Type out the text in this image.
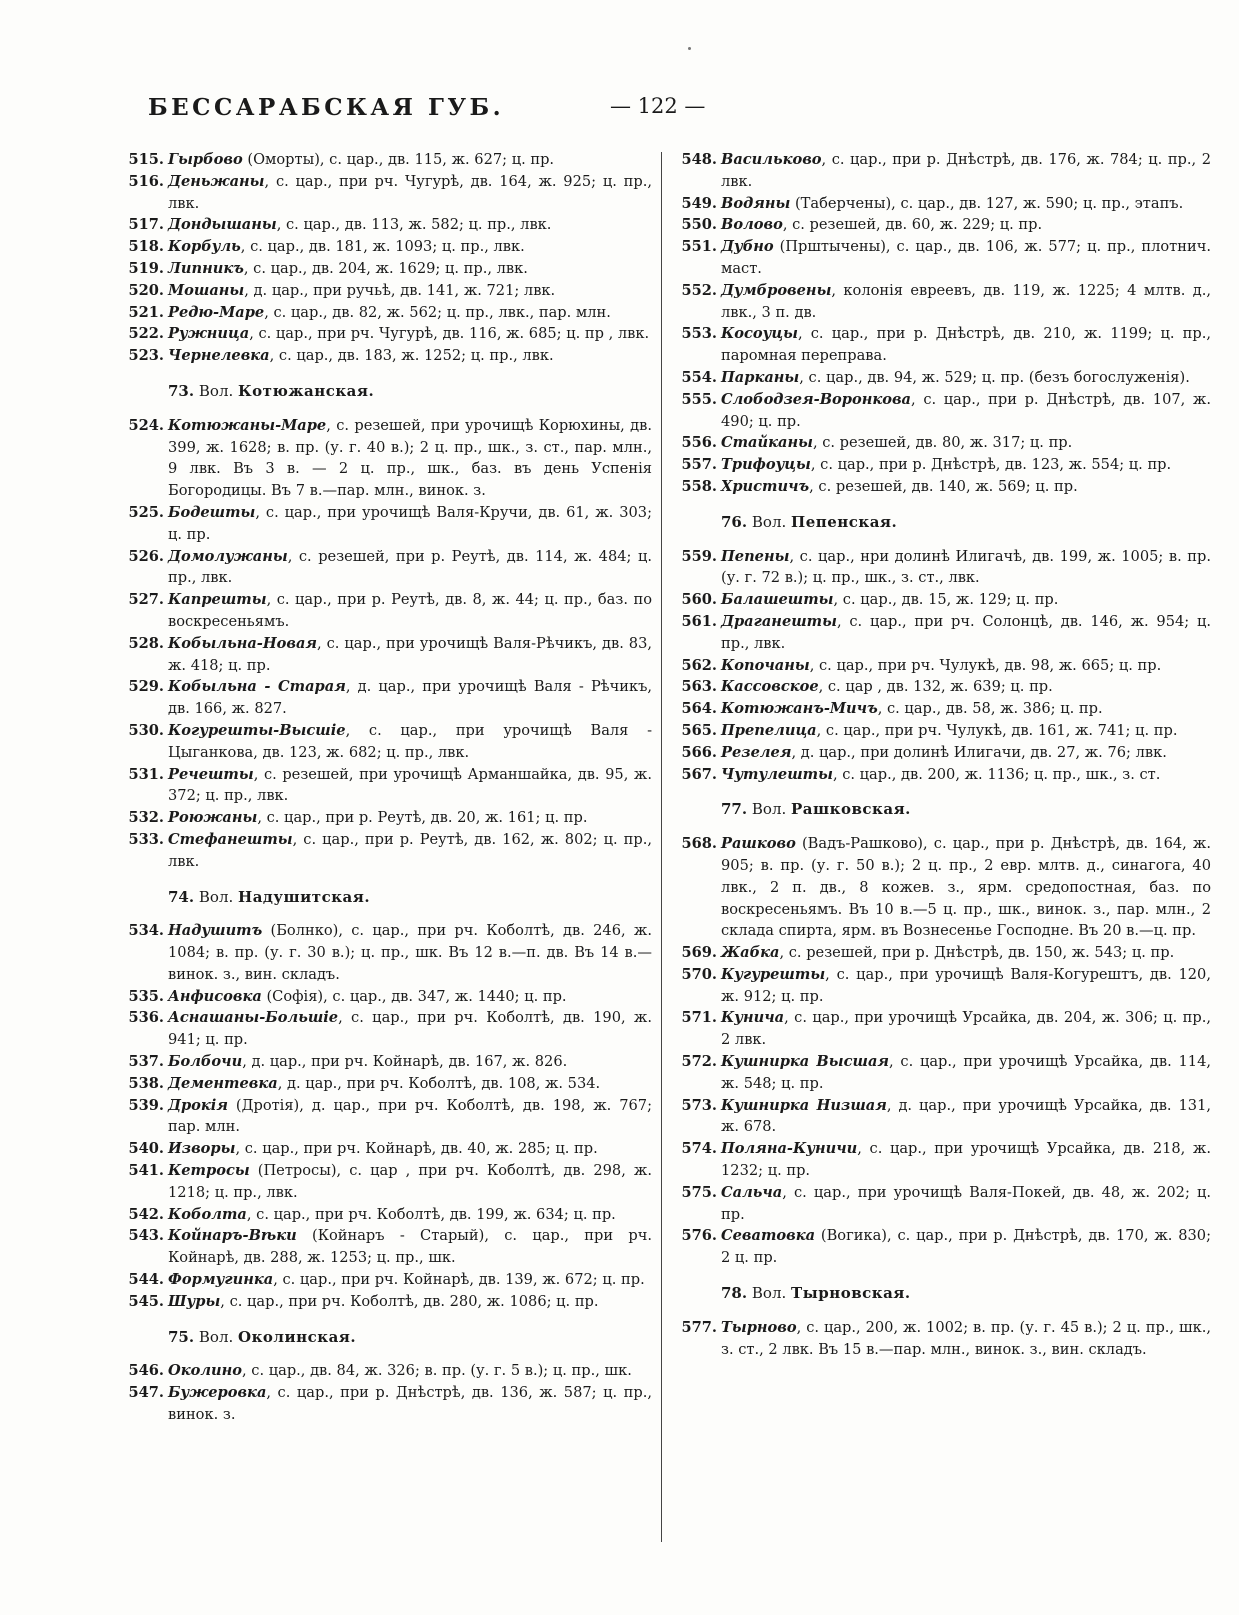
БЕССАРАБСКАЯ ГУБ.	— 122 —
515. Гырбово (Оморты), с. цар., дв. 115, ж. 627; ц. пр.
516. Деньжаны, с. цар., при рч. Чугурѣ, дв. 164, ж. 925; ц. пр., лвк.
517. Дондышаны, с. цар., дв. 113, ж. 582; ц. пр., лвк.
518. Корбуль, с. цар., дв. 181, ж. 1093; ц. пр., лвк.
519. Липникъ, с. цар., дв. 204, ж. 1629; ц. пр., лвк.
520. Мошаны, д. цар., при ручьѣ, дв. 141, ж. 721; лвк.
521. Редю-Маре, с. цар., дв. 82, ж. 562; ц. пр., лвк., пар. млн.
522. Ружница, с. цар., при рч. Чугурѣ, дв. 116, ж. 685; ц. пр , лвк.
523. Чернелевка, с. цар., дв. 183, ж. 1252; ц. пр., лвк.
73. Вол. Котюжанская.
524. Котюжаны-Маре, с. резешей, при урочищѣ Корюхины, дв. 399, ж. 1628; в. пр. (у. г. 40 в.); 2 ц. пр., шк., з. ст., пар. млн., 9 лвк. Въ 3 в. — 2 ц. пр., шк., баз. въ день Успенія Богородицы. Въ 7 в.—пар. млн., винок. з.
525. Бодешты, с. цар., при урочищѣ Валя-Кручи, дв. 61, ж. 303; ц. пр.
526. Домолужаны, с. резешей, при р. Реутѣ, дв. 114, ж. 484; ц. пр., лвк.
527. Капрешты, с. цар., при р. Реутѣ, дв. 8, ж. 44; ц. пр., баз. по воскресеньямъ.
528. Кобыльна-Новая, с. цар., при урочищѣ Валя-Рѣчикъ, дв. 83, ж. 418; ц. пр.
529. Кобыльна - Старая, д. цар., при урочищѣ Валя - Рѣчикъ, дв. 166, ж. 827.
530. Когурешты-Высшіе, с. цар., при урочищѣ Валя - Цыганкова, дв. 123, ж. 682; ц. пр., лвк.
531. Речешты, с. резешей, при урочищѣ Арманшайка, дв. 95, ж. 372; ц. пр., лвк.
532. Роюжаны, с. цар., при р. Реутѣ, дв. 20, ж. 161; ц. пр.
533. Стефанешты, с. цар., при р. Реутѣ, дв. 162, ж. 802; ц. пр., лвк.
74. Вол. Надушитская.
534. Надушитъ (Болнко), с. цар., при рч. Коболтѣ, дв. 246, ж. 1084; в. пр. (у. г. 30 в.); ц. пр., шк. Въ 12 в.—п. дв. Въ 14 в.—винок. з., вин. складъ.
535. Анфисовка (Софія), с. цар., дв. 347, ж. 1440; ц. пр.
536. Аснашаны-Большіе, с. цар., при рч. Коболтѣ, дв. 190, ж. 941; ц. пр.
537. Болбочи, д. цар., при рч. Койнарѣ, дв. 167, ж. 826.
538. Дементевка, д. цар., при рч. Коболтѣ, дв. 108, ж. 534.
539. Дрокія (Дротія), д. цар., при рч. Коболтѣ, дв. 198, ж. 767; пар. млн.
540. Изворы, с. цар., при рч. Койнарѣ, дв. 40, ж. 285; ц. пр.
541. Кетросы (Петросы), с. цар , при рч. Коболтѣ, дв. 298, ж. 1218; ц. пр., лвк.
542. Коболта, с. цар., при рч. Коболтѣ, дв. 199, ж. 634; ц. пр.
543. Койнаръ-Вѣки (Койнаръ - Старый), с. цар., при рч. Койнарѣ, дв. 288, ж. 1253; ц. пр., шк.
544. Формугинка, с. цар., при рч. Койнарѣ, дв. 139, ж. 672; ц. пр.
545. Шуры, с. цар., при рч. Коболтѣ, дв. 280, ж. 1086; ц. пр.
75. Вол. Околинская.
546. Околино, с. цар., дв. 84, ж. 326; в. пр. (у. г. 5 в.); ц. пр., шк.
547. Бужеровка, с. цар., при р. Днѣстрѣ, дв. 136, ж. 587; ц. пр., винок. з.
548. Васильково, с. цар., при р. Днѣстрѣ, дв. 176, ж. 784; ц. пр., 2 лвк.
549. Водяны (Таберчены), с. цар., дв. 127, ж. 590; ц. пр., этапъ.
550. Волово, с. резешей, дв. 60, ж. 229; ц. пр.
551. Дубно (Прштычены), с. цар., дв. 106, ж. 577; ц. пр., плотнич. маст.
552. Думбровены, колонія евреевъ, дв. 119, ж. 1225; 4 млтв. д., лвк., 3 п. дв.
553. Косоуцы, с. цар., при р. Днѣстрѣ, дв. 210, ж. 1199; ц. пр., паромная переправа.
554. Парканы, с. цар., дв. 94, ж. 529; ц. пр. (безъ богослуженія).
555. Слободзея-Воронкова, с. цар., при р. Днѣстрѣ, дв. 107, ж. 490; ц. пр.
556. Стайканы, с. резешей, дв. 80, ж. 317; ц. пр.
557. Трифоуцы, с. цар., при р. Днѣстрѣ, дв. 123, ж. 554; ц. пр.
558. Христичъ, с. резешей, дв. 140, ж. 569; ц. пр.
76. Вол. Пепенская.
559. Пепены, с. цар., нри долинѣ Илигачѣ, дв. 199, ж. 1005; в. пр. (у. г. 72 в.); ц. пр., шк., з. ст., лвк.
560. Балашешты, с. цар., дв. 15, ж. 129; ц. пр.
561. Драганешты, с. цар., при рч. Солонцѣ, дв. 146, ж. 954; ц. пр., лвк.
562. Копочаны, с. цар., при рч. Чулукѣ, дв. 98, ж. 665; ц. пр.
563. Кассовское, с. цар , дв. 132, ж. 639; ц. пр.
564. Котюжанъ-Мичъ, с. цар., дв. 58, ж. 386; ц. пр.
565. Препелица, с. цар., при рч. Чулукѣ, дв. 161, ж. 741; ц. пр.
566. Резелея, д. цар., при долинѣ Илигачи, дв. 27, ж. 76; лвк.
567. Чутулешты, с. цар., дв. 200, ж. 1136; ц. пр., шк., з. ст.
77. Вол. Рашковская.
568. Рашково (Вадъ-Рашково), с. цар., при р. Днѣстрѣ, дв. 164, ж. 905; в. пр. (у. г. 50 в.); 2 ц. пр., 2 евр. млтв. д., синагога, 40 лвк., 2 п. дв., 8 кожев. з., ярм. средопостная, баз. по воскресеньямъ. Въ 10 в.—5 ц. пр., шк., винок. з., пар. млн., 2 склада спирта, ярм. въ Вознесенье Господне. Въ 20 в.—ц. пр.
569. Жабка, с. резешей, при р. Днѣстрѣ, дв. 150, ж. 543; ц. пр.
570. Кугурешты, с. цар., при урочищѣ Валя-Когурештъ, дв. 120, ж. 912; ц. пр.
571. Кунича, с. цар., при урочищѣ Урсайка, дв. 204, ж. 306; ц. пр., 2 лвк.
572. Кушнирка Высшая, с. цар., при урочищѣ Урсайка, дв. 114, ж. 548; ц. пр.
573. Кушнирка Низшая, д. цар., при урочищѣ Урсайка, дв. 131, ж. 678.
574. Поляна-Куничи, с. цар., при урочищѣ Урсайка, дв. 218, ж. 1232; ц. пр.
575. Сальча, с. цар., при урочищѣ Валя-Покей, дв. 48, ж. 202; ц. пр.
576. Севатовка (Вогика), с. цар., при р. Днѣстрѣ, дв. 170, ж. 830; 2 ц. пр.
78. Вол. Тырновская.
577. Тырново, с. цар., 200, ж. 1002; в. пр. (у. г. 45 в.); 2 ц. пр., шк., з. ст., 2 лвк. Въ 15 в.—пар. млн., винок. з., вин. складъ.
